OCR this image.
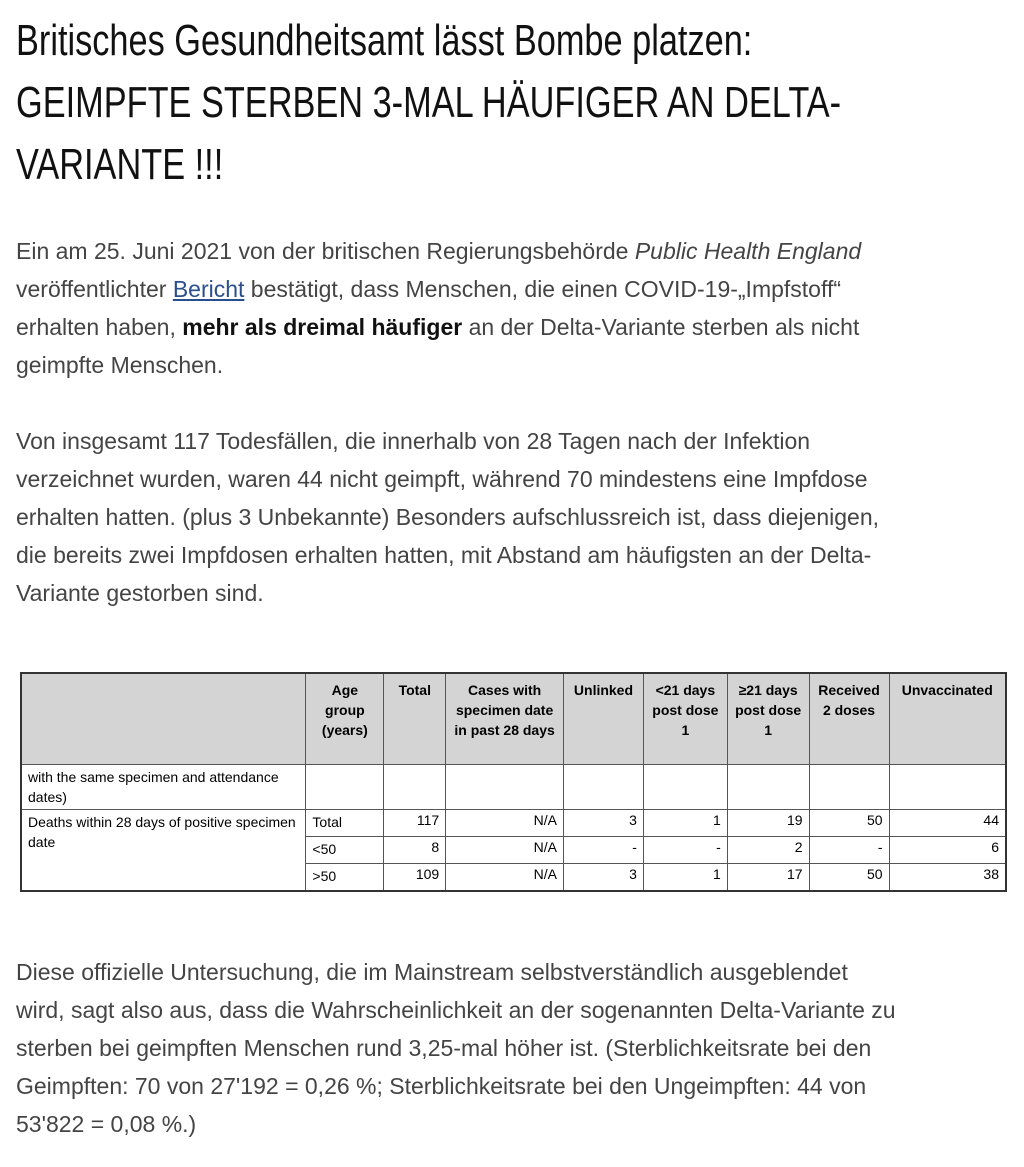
Britisches Gesundheitsamt lässt Bombe platzen:
GEIMPFTE STERBEN 3-MAL HÄUFIGER AN DELTA-
VARIANTE !!!

Ein am 25. Juni 2021 von der britischen Regierungsbehörde Public Health England
veröffentlichter Bericht bestätigt, dass Menschen, die einen COVID-19-„Impfstoff“
erhalten haben, mehr als dreimal häufiger an der Delta-Variante sterben als nicht
geimpfte Menschen.

Von insgesamt 117 Todesfällen, die innerhalb von 28 Tagen nach der Infektion
verzeichnet wurden, waren 44 nicht geimpft, während 70 mindestens eine Impfdose
erhalten hatten. (plus 3 Unbekannte) Besonders aufschlussreich ist, dass diejenigen,
die bereits zwei Impfdosen erhalten hatten, mit Abstand am häufigsten an der Delta-
Variante gestorben sind.

	Age group (years)	Total	Cases with specimen date in past 28 days	Unlinked	<21 days post dose 1	≥21 days post dose 1	Received 2 doses	Unvaccinated
with the same specimen and attendance dates)								
Deaths within 28 days of positive specimen date	Total	117	N/A	3	1	19	50	44
	<50	8	N/A	-	-	2	-	6
	>50	109	N/A	3	1	17	50	38

Diese offizielle Untersuchung, die im Mainstream selbstverständlich ausgeblendet
wird, sagt also aus, dass die Wahrscheinlichkeit an der sogenannten Delta-Variante zu
sterben bei geimpften Menschen rund 3,25-mal höher ist. (Sterblichkeitsrate bei den
Geimpften: 70 von 27'192 = 0,26 %; Sterblichkeitsrate bei den Ungeimpften: 44 von
53'822 = 0,08 %.)
